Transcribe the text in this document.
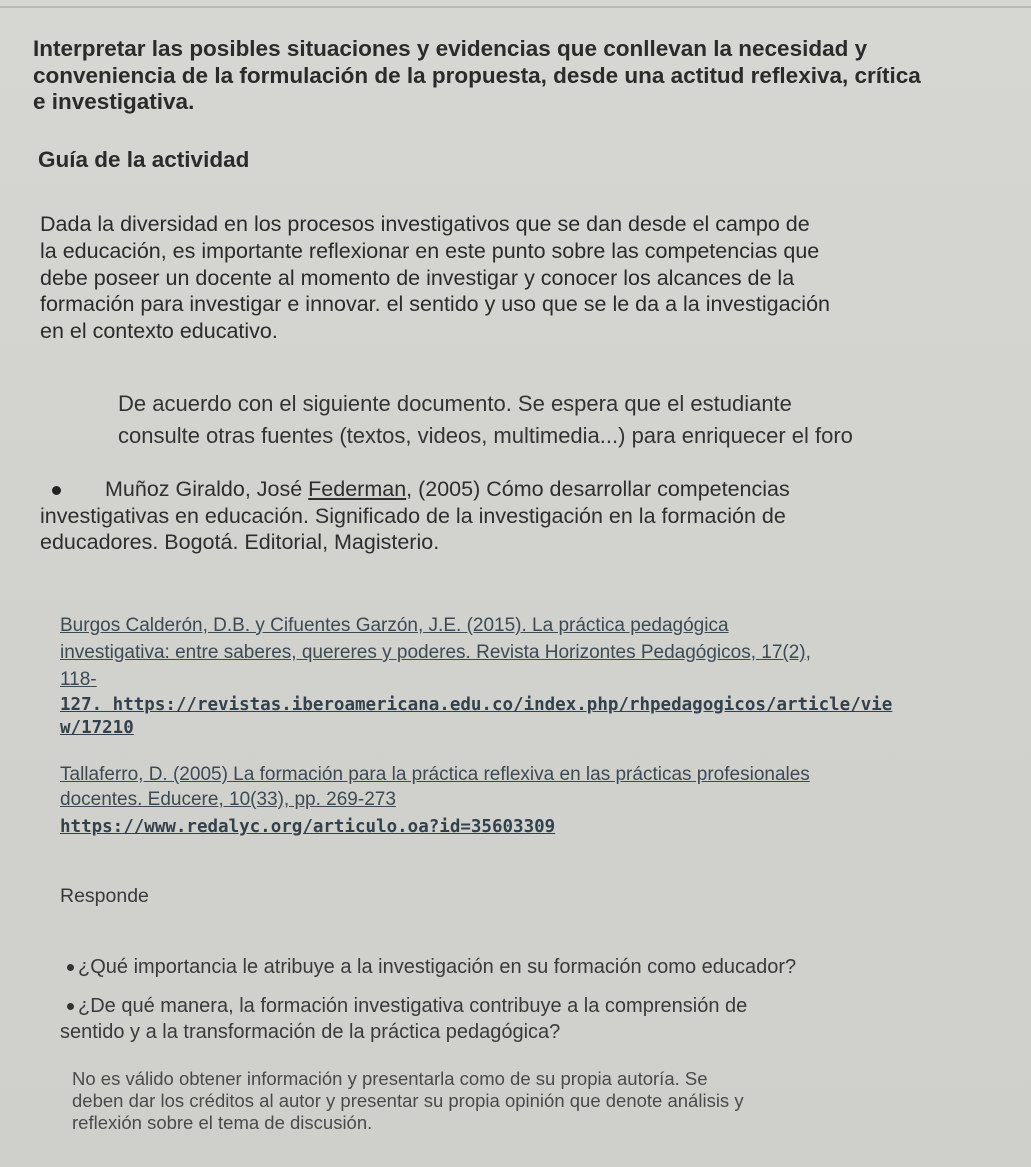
Interpretar las posibles situaciones y evidencias que conllevan la necesidad y
conveniencia de la formulación de la propuesta, desde una actitud reflexiva, crítica
e investigativa.
Guía de la actividad
Dada la diversidad en los procesos investigativos que se dan desde el campo de
la educación, es importante reflexionar en este punto sobre las competencias que
debe poseer un docente al momento de investigar y conocer los alcances de la
formación para investigar e innovar. el sentido y uso que se le da a la investigación
en el contexto educativo.
De acuerdo con el siguiente documento. Se espera que el estudiante
consulte otras fuentes (textos, videos, multimedia...) para enriquecer el foro
Muñoz Giraldo, José Federman, (2005) Cómo desarrollar competencias
investigativas en educación. Significado de la investigación en la formación de
educadores. Bogotá. Editorial, Magisterio.
Burgos Calderón, D.B. y Cifuentes Garzón, J.E. (2015). La práctica pedagógica
investigativa: entre saberes, quereres y poderes. Revista Horizontes Pedagógicos, 17(2),
118-
127. https://revistas.iberoamericana.edu.co/index.php/rhpedagogicos/article/vie
w/17210
Tallaferro, D. (2005) La formación para la práctica reflexiva en las prácticas profesionales
docentes. Educere, 10(33), pp. 269-273
https://www.redalyc.org/articulo.oa?id=35603309
Responde
¿Qué importancia le atribuye a la investigación en su formación como educador?
¿De qué manera, la formación investigativa contribuye a la comprensión de
sentido y a la transformación de la práctica pedagógica?
No es válido obtener información y presentarla como de su propia autoría. Se
deben dar los créditos al autor y presentar su propia opinión que denote análisis y
reflexión sobre el tema de discusión.
